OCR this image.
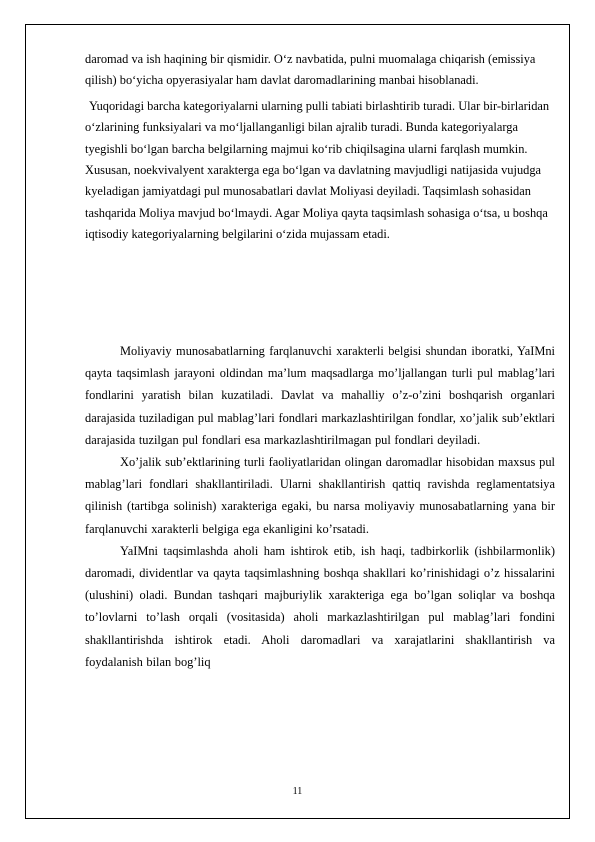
daromad va ish haqining bir qismidir. O‘z navbatida, pulni muomalaga chiqarish (emissiya qilish) bo‘yicha opyerasiyalar ham davlat daromadlarining manbai hisoblanadi.

Yuqoridagi barcha kategoriyalarni ularning pulli tabiati birlashtirib turadi. Ular bir-birlaridan o‘zlarining funksiyalari va mo‘ljallanganligi bilan ajralib turadi. Bunda kategoriyalarga tyegishli bo‘lgan barcha belgilarning majmui ko‘rib chiqilsagina ularni farqlash mumkin. Xususan, noekvivalyent xarakterga ega bo‘lgan va davlatning mavjudligi natijasida vujudga kyeladigan jamiyatdagi pul munosabatlari davlat Moliyasi deyiladi. Taqsimlash sohasidan tashqarida Moliya mavjud bo‘lmaydi. Agar Moliya qayta taqsimlash sohasiga o‘tsa, u boshqa iqtisodiy kategoriyalarning belgilarini o‘zida mujassam etadi.

Moliyaviy munosabatlarning farqlanuvchi xarakterli belgisi shundan iboratki, YaIMni qayta taqsimlash jarayoni oldindan ma’lum maqsadlarga mo’ljallangan turli pul mablag’lari fondlarini yaratish bilan kuzatiladi. Davlat va mahalliy o’z-o’zini boshqarish organlari darajasida tuziladigan pul mablag’lari fondlari markazlashtirilgan fondlar, xo’jalik sub’ektlari darajasida tuzilgan pul fondlari esa markazlashtirilmagan pul fondlari deyiladi.

Xo’jalik sub’ektlarining turli faoliyatlaridan olingan daromadlar hisobidan maxsus pul mablag’lari fondlari shakllantiriladi. Ularni shakllantirish qattiq ravishda reglamentatsiya qilinish (tartibga solinish) xarakteriga egaki, bu narsa moliyaviy munosabatlarning yana bir farqlanuvchi xarakterli belgiga ega ekanligini ko’rsatadi.

YaIMni taqsimlashda aholi ham ishtirok etib, ish haqi, tadbirkorlik (ishbilarmonlik) daromadi, dividentlar va qayta taqsimlashning boshqa shakllari ko’rinishidagi o’z hissalarini (ulushini) oladi. Bundan tashqari majburiylik xarakteriga ega bo’lgan soliqlar va boshqa to’lovlarni to’lash orqali (vositasida) aholi markazlashtirilgan pul mablag’lari fondini shakllantirishda ishtirok etadi. Aholi daromadlari va xarajatlarini shakllantirish va foydalanish bilan bog’liq

11
